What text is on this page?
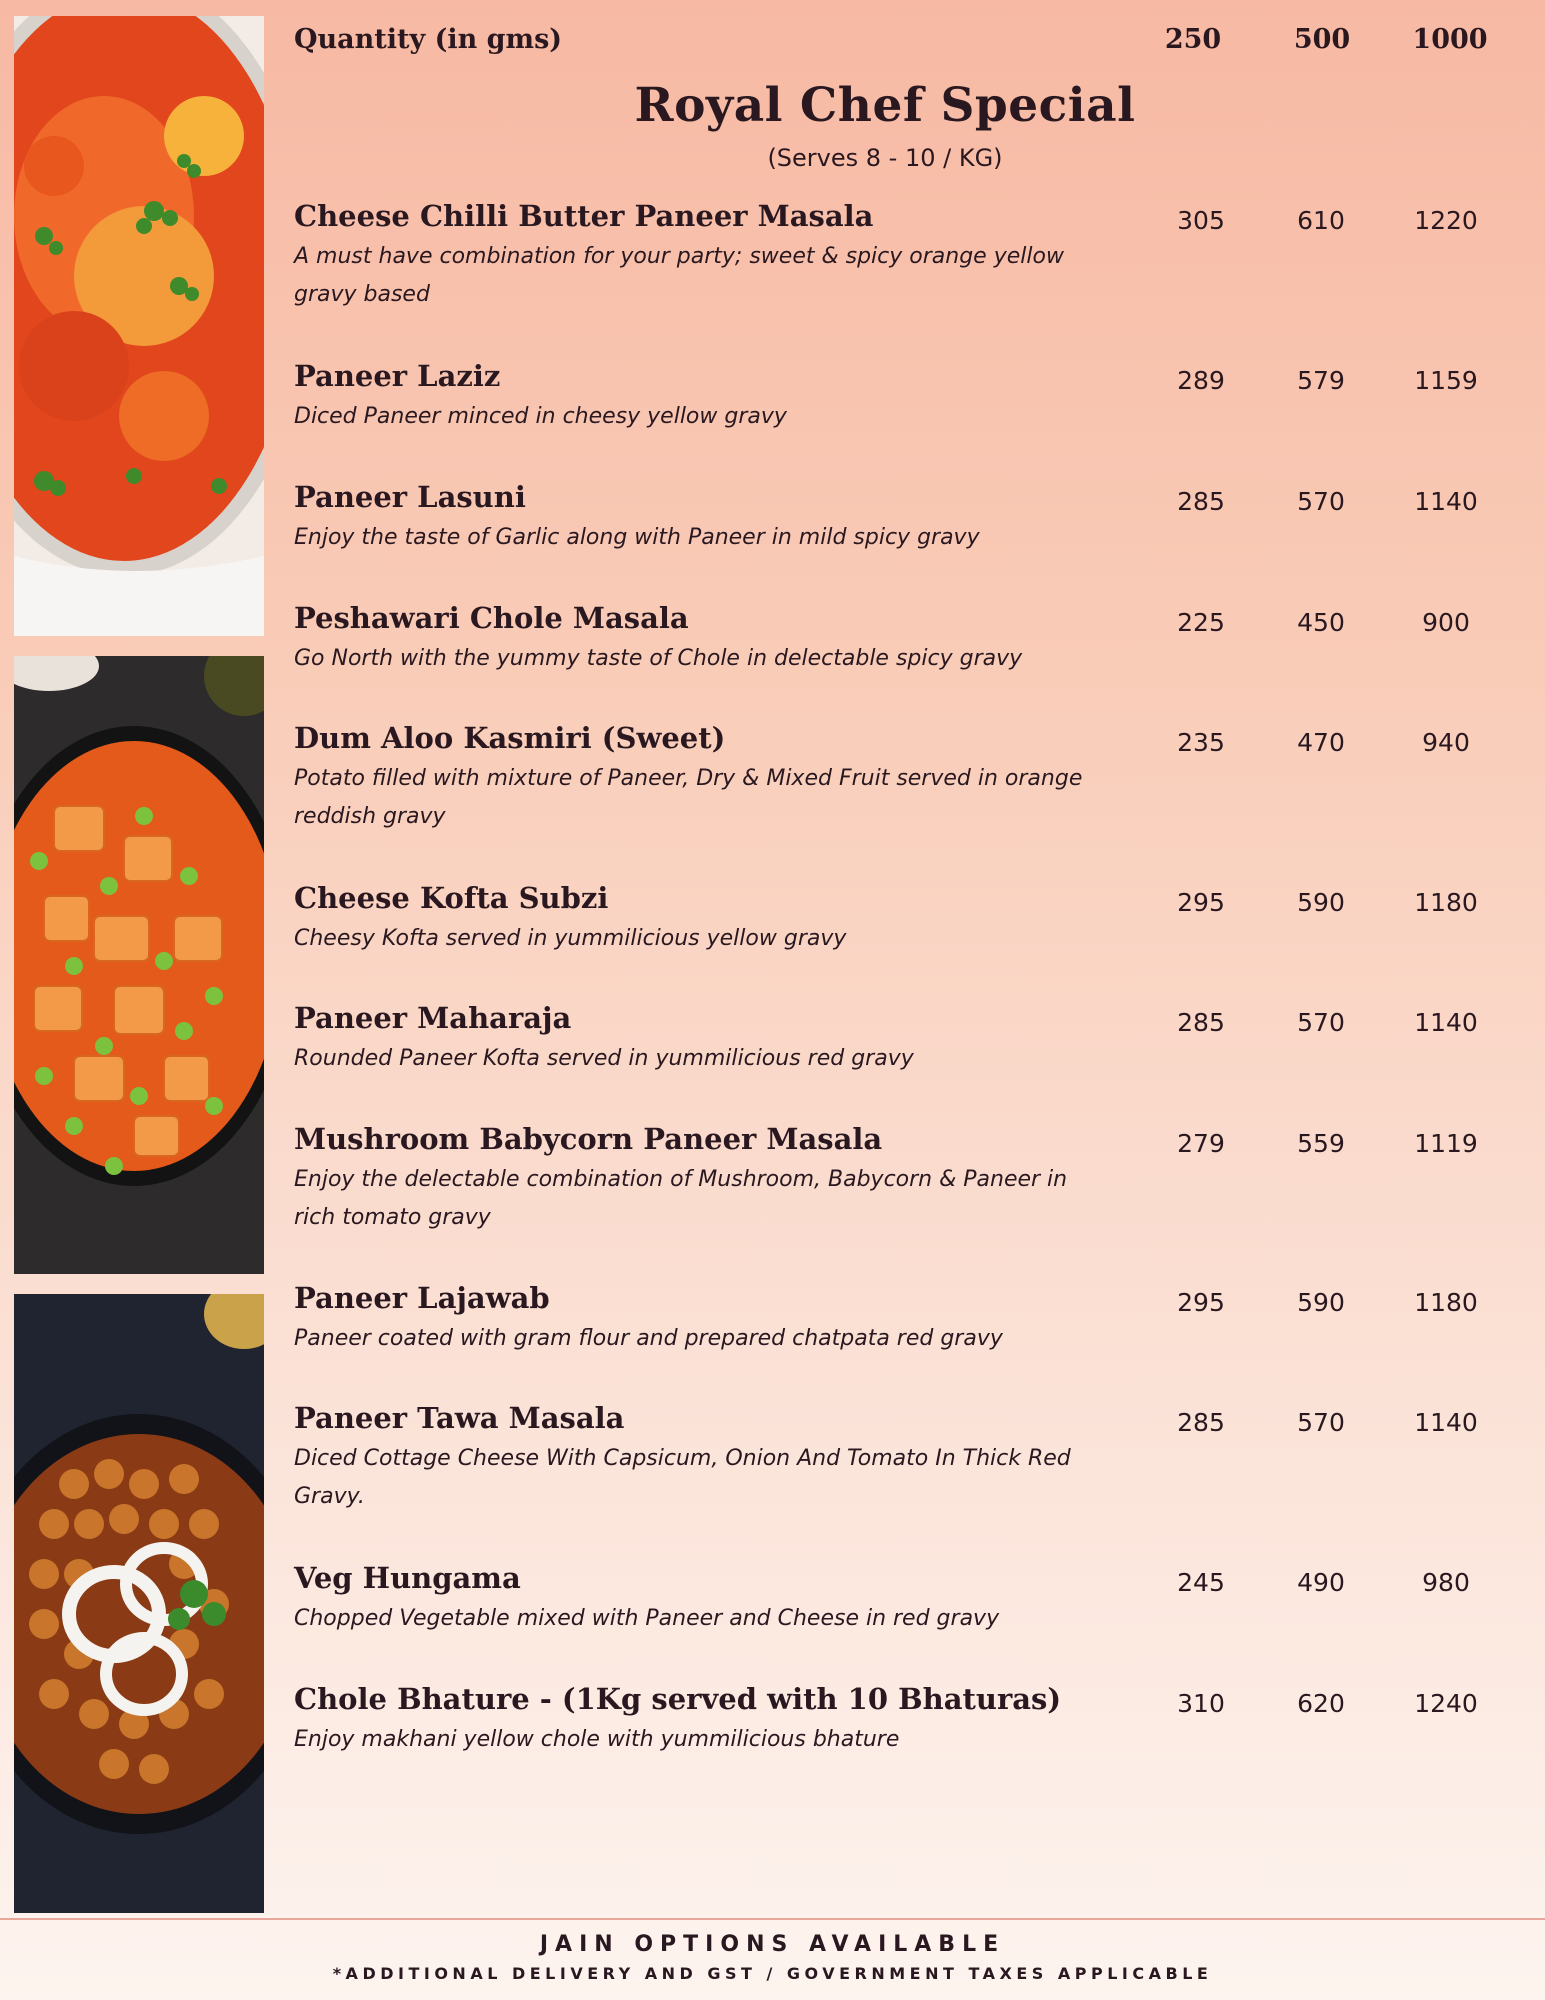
Quantity (in gms)	250	500	1000
Royal Chef Special
(Serves 8 - 10 / KG)
Cheese Chilli Butter Paneer Masala
A must have combination for your party; sweet & spicy orange yellow gravy based
305	610	1220
Paneer Laziz
Diced Paneer minced in cheesy yellow gravy
289	579	1159
Paneer Lasuni
Enjoy the taste of Garlic along with Paneer in mild spicy gravy
285	570	1140
Peshawari Chole Masala
Go North with the yummy taste of Chole in delectable spicy gravy
225	450	900
Dum Aloo Kasmiri (Sweet)
Potato filled with mixture of Paneer, Dry & Mixed Fruit served in orange reddish gravy
235	470	940
Cheese Kofta Subzi
Cheesy Kofta served in yummilicious yellow gravy
295	590	1180
Paneer Maharaja
Rounded Paneer Kofta served in yummilicious red gravy
285	570	1140
Mushroom Babycorn Paneer Masala
Enjoy the delectable combination of Mushroom, Babycorn & Paneer in rich tomato gravy
279	559	1119
Paneer Lajawab
Paneer coated with gram flour and prepared chatpata red gravy
295	590	1180
Paneer Tawa Masala
Diced Cottage Cheese With Capsicum, Onion And Tomato In Thick Red Gravy.
285	570	1140
Veg Hungama
Chopped Vegetable mixed with Paneer and Cheese in red gravy
245	490	980
Chole Bhature - (1Kg served with 10 Bhaturas)
Enjoy makhani yellow chole with yummilicious bhature
310	620	1240
JAIN OPTIONS AVAILABLE
*ADDITIONAL DELIVERY AND GST / GOVERNMENT TAXES APPLICABLE
